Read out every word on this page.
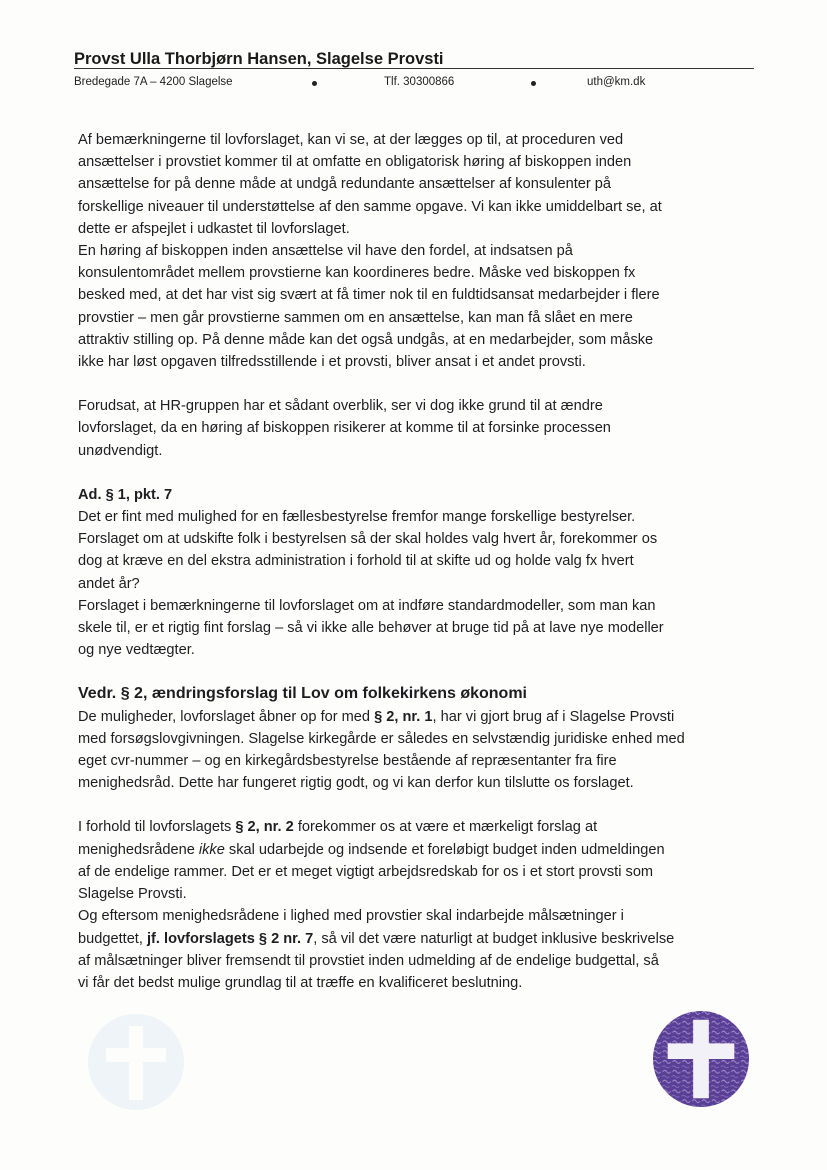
Provst Ulla Thorbjørn Hansen, Slagelse Provsti
Bredegade 7A – 4200 Slagelse	Tlf. 30300866	uth@km.dk

Af bemærkningerne til lovforslaget, kan vi se, at der lægges op til, at proceduren ved
ansættelser i provstiet kommer til at omfatte en obligatorisk høring af biskoppen inden
ansættelse for på denne måde at undgå redundante ansættelser af konsulenter på
forskellige niveauer til understøttelse af den samme opgave. Vi kan ikke umiddelbart se, at
dette er afspejlet i udkastet til lovforslaget.

En høring af biskoppen inden ansættelse vil have den fordel, at indsatsen på
konsulentområdet mellem provstierne kan koordineres bedre. Måske ved biskoppen fx
besked med, at det har vist sig svært at få timer nok til en fuldtidsansat medarbejder i flere
provstier – men går provstierne sammen om en ansættelse, kan man få slået en mere
attraktiv stilling op. På denne måde kan det også undgås, at en medarbejder, som måske
ikke har løst opgaven tilfredsstillende i et provsti, bliver ansat i et andet provsti.

Forudsat, at HR-gruppen har et sådant overblik, ser vi dog ikke grund til at ændre
lovforslaget, da en høring af biskoppen risikerer at komme til at forsinke processen
unødvendigt.

Ad. § 1, pkt. 7

Det er fint med mulighed for en fællesbestyrelse fremfor mange forskellige bestyrelser.
Forslaget om at udskifte folk i bestyrelsen så der skal holdes valg hvert år, forekommer os
dog at kræve en del ekstra administration i forhold til at skifte ud og holde valg fx hvert
andet år?

Forslaget i bemærkningerne til lovforslaget om at indføre standardmodeller, som man kan
skele til, er et rigtig fint forslag – så vi ikke alle behøver at bruge tid på at lave nye modeller
og nye vedtægter.

Vedr. § 2, ændringsforslag til Lov om folkekirkens økonomi

De muligheder, lovforslaget åbner op for med § 2, nr. 1, har vi gjort brug af i Slagelse Provsti
med forsøgslovgivningen. Slagelse kirkegårde er således en selvstændig juridiske enhed med
eget cvr-nummer – og en kirkegårdsbestyrelse bestående af repræsentanter fra fire
menighedsråd. Dette har fungeret rigtig godt, og vi kan derfor kun tilslutte os forslaget.

I forhold til lovforslagets § 2, nr. 2 forekommer os at være et mærkeligt forslag at
menighedsrådene ikke skal udarbejde og indsende et foreløbigt budget inden udmeldingen
af de endelige rammer. Det er et meget vigtigt arbejdsredskab for os i et stort provsti som
Slagelse Provsti.

Og eftersom menighedsrådene i lighed med provstier skal indarbejde målsætninger i
budgettet, jf. lovforslagets § 2 nr. 7, så vil det være naturligt at budget inklusive beskrivelse
af målsætninger bliver fremsendt til provstiet inden udmelding af de endelige budgettal, så
vi får det bedst mulige grundlag til at træffe en kvalificeret beslutning.
